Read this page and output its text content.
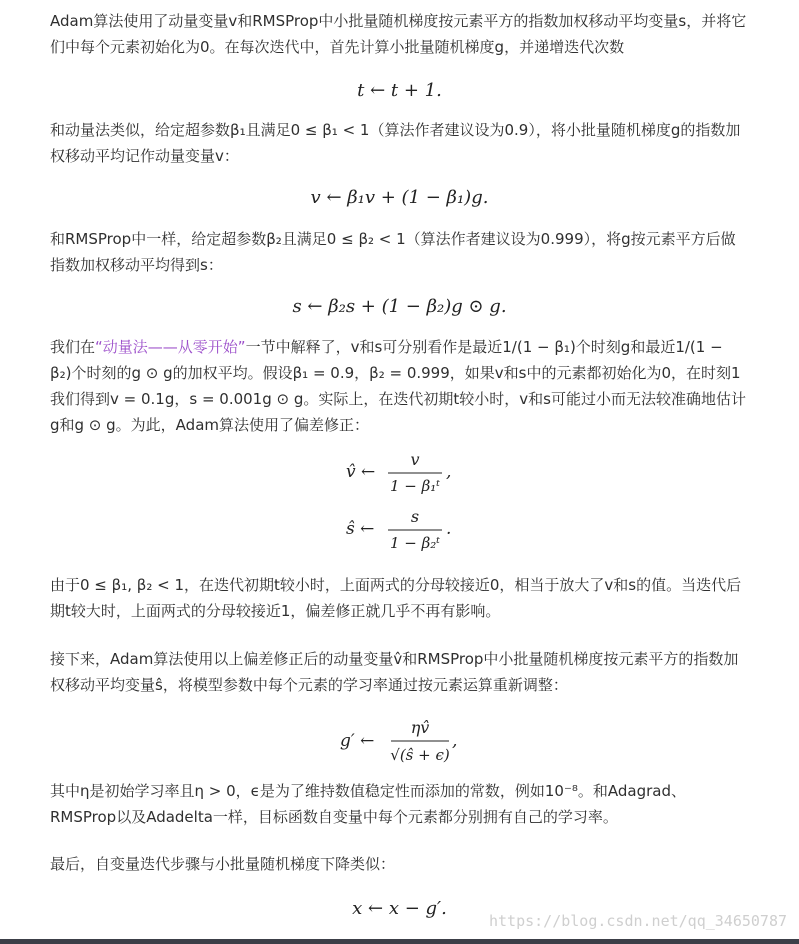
Adam算法使用了动量变量v和RMSProp中小批量随机梯度按元素平方的指数加权移动平均变量s，并将它们中每个元素初始化为0。在每次迭代中，首先计算小批量随机梯度g，并递增迭代次数
t ← t + 1.
和动量法类似，给定超参数β₁且满足0 ≤ β₁ < 1（算法作者建议设为0.9），将小批量随机梯度g的指数加权移动平均记作动量变量v：
v ← β₁v + (1 − β₁)g.
和RMSProp中一样，给定超参数β₂且满足0 ≤ β₂ < 1（算法作者建议设为0.999），将g按元素平方后做指数加权移动平均得到s：
s ← β₂s + (1 − β₂)g ⊙ g.
我们在“动量法——从零开始”一节中解释了，v和s可分别看作是最近1/(1 − β₁)个时刻g和最近1/(1 − β₂)个时刻的g ⊙ g的加权平均。假设β₁ = 0.9，β₂ = 0.999，如果v和s中的元素都初始化为0，在时刻1我们得到v = 0.1g，s = 0.001g ⊙ g。实际上，在迭代初期t较小时，v和s可能过小而无法较准确地估计g和g ⊙ g。为此，Adam算法使用了偏差修正：
v̂ ←
v
1 − β₁ᵗ
,
ŝ ←
s
1 − β₂ᵗ
.
由于0 ≤ β₁, β₂ < 1，在迭代初期t较小时，上面两式的分母较接近0，相当于放大了v和s的值。当迭代后期t较大时，上面两式的分母较接近1，偏差修正就几乎不再有影响。
接下来，Adam算法使用以上偏差修正后的动量变量v̂和RMSProp中小批量随机梯度按元素平方的指数加权移动平均变量ŝ，将模型参数中每个元素的学习率通过按元素运算重新调整：
g′ ←
ηv̂
√(ŝ + ϵ)
,
其中η是初始学习率且η > 0，ϵ是为了维持数值稳定性而添加的常数，例如10⁻⁸。和Adagrad、RMSProp以及Adadelta一样，目标函数自变量中每个元素都分别拥有自己的学习率。
最后，自变量迭代步骤与小批量随机梯度下降类似：
x ← x − g′.
https://blog.csdn.net/qq_34650787
